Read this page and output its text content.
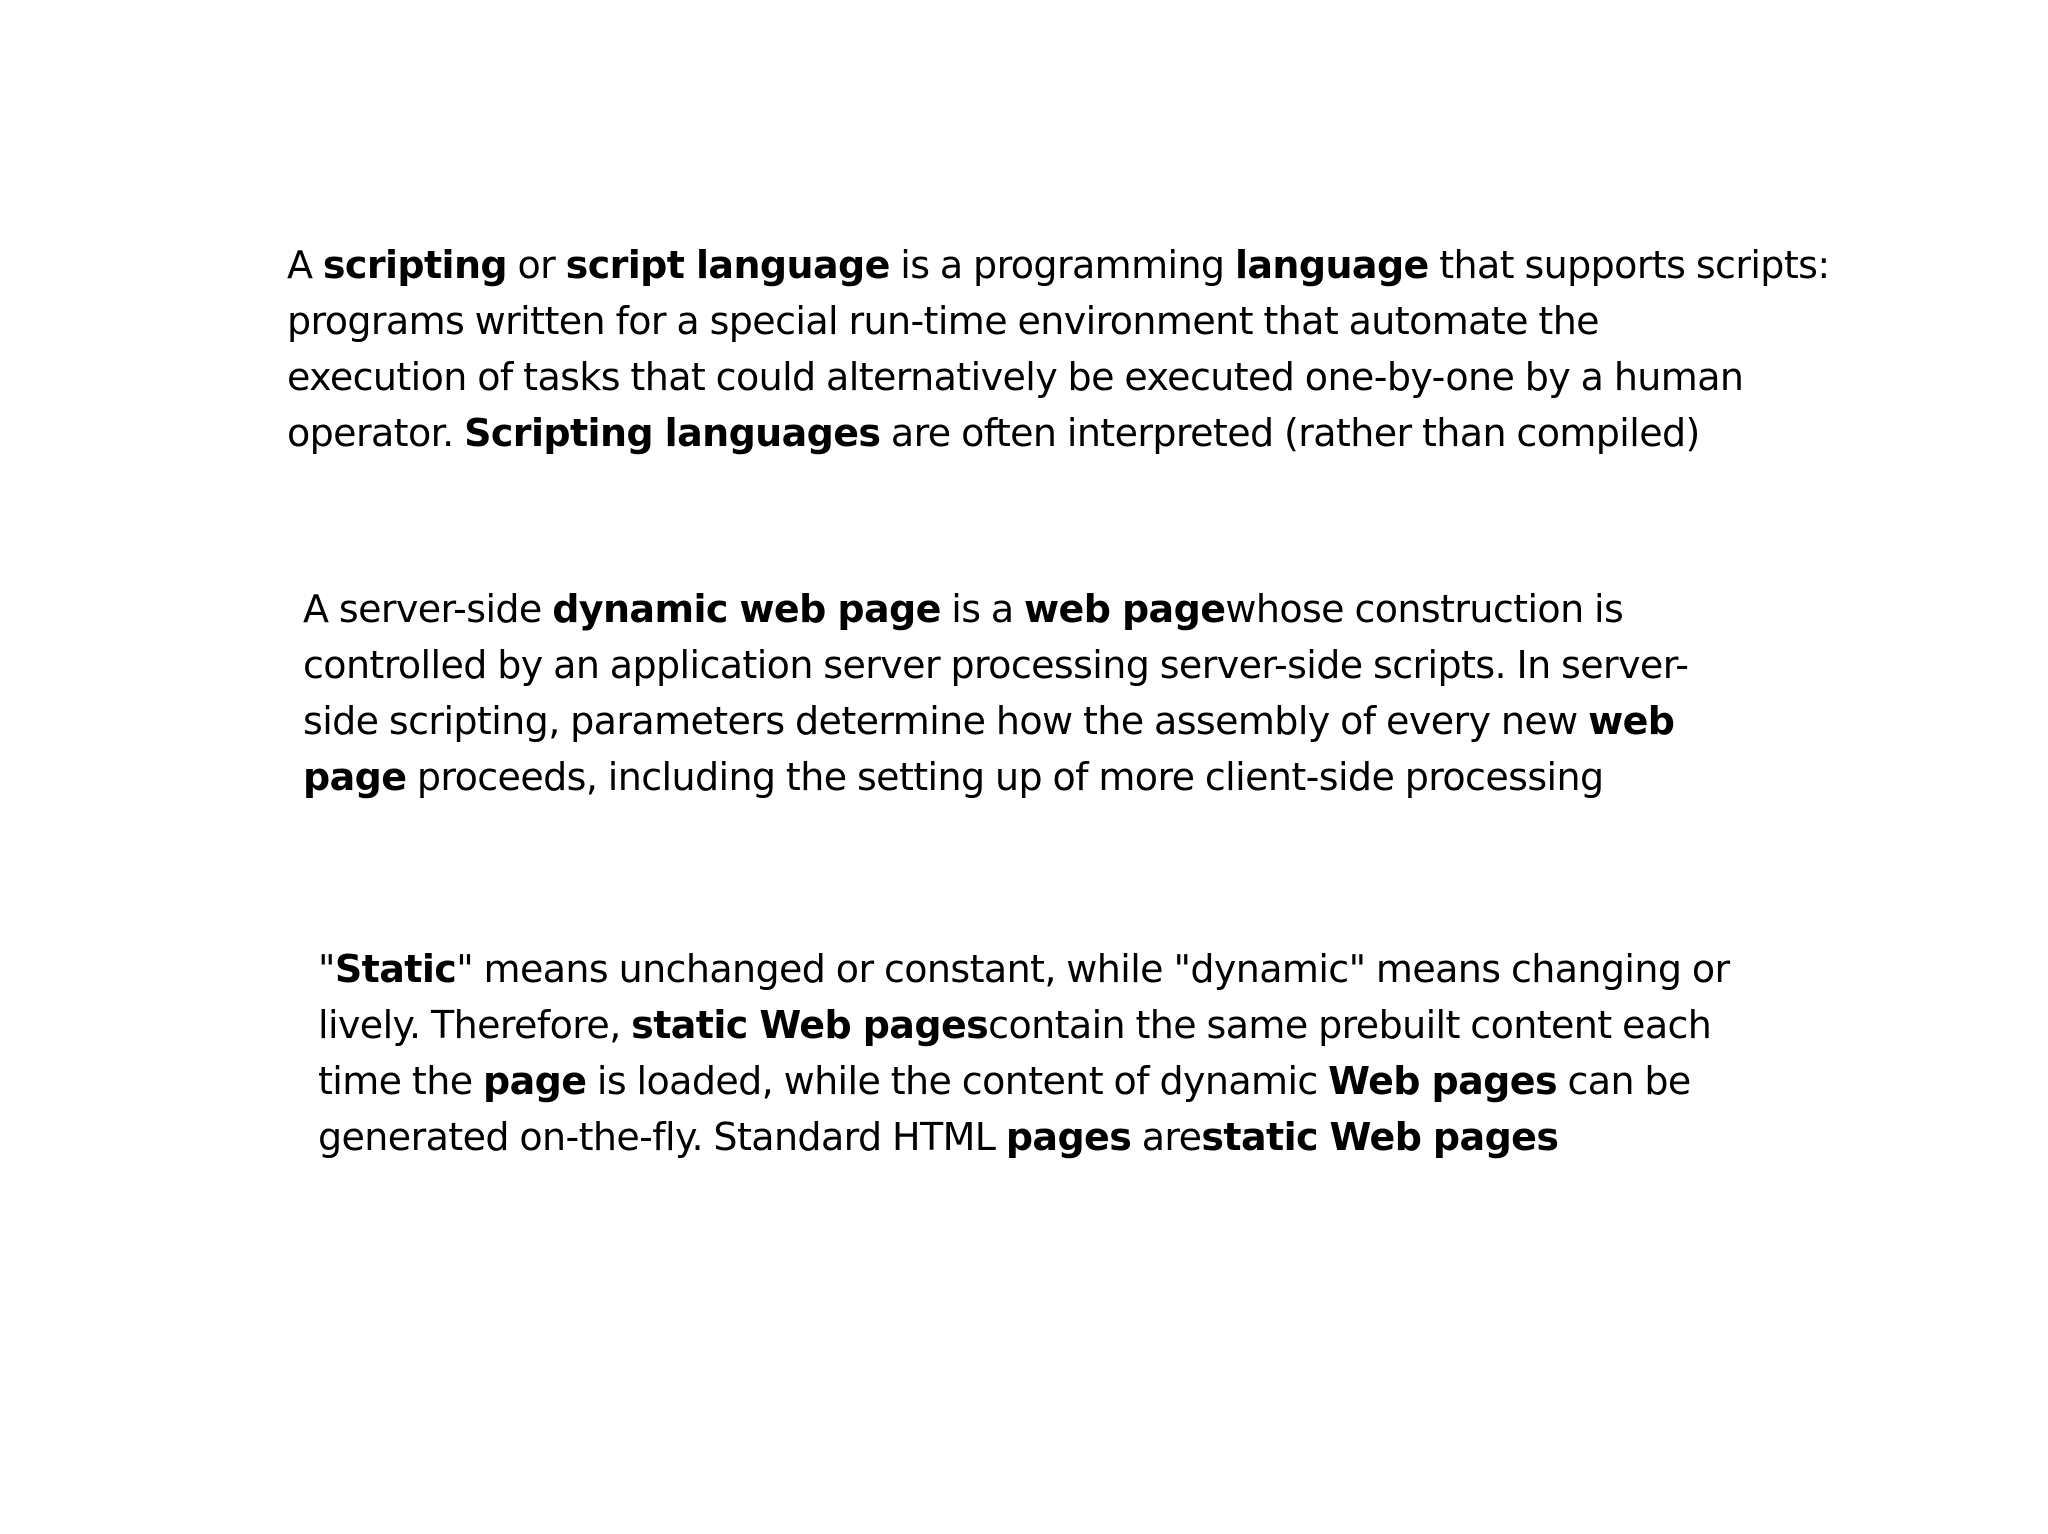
A scripting or script language is a programming language that supports scripts:
programs written for a special run-time environment that automate the
execution of tasks that could alternatively be executed one-by-one by a human
operator. Scripting languages are often interpreted (rather than compiled)

A server-side dynamic web page is a web pagewhose construction is
controlled by an application server processing server-side scripts. In server-
side scripting, parameters determine how the assembly of every new web
page proceeds, including the setting up of more client-side processing

"Static" means unchanged or constant, while "dynamic" means changing or
lively. Therefore, static Web pagescontain the same prebuilt content each
time the page is loaded, while the content of dynamic Web pages can be
generated on-the-fly. Standard HTML pages arestatic Web pages
